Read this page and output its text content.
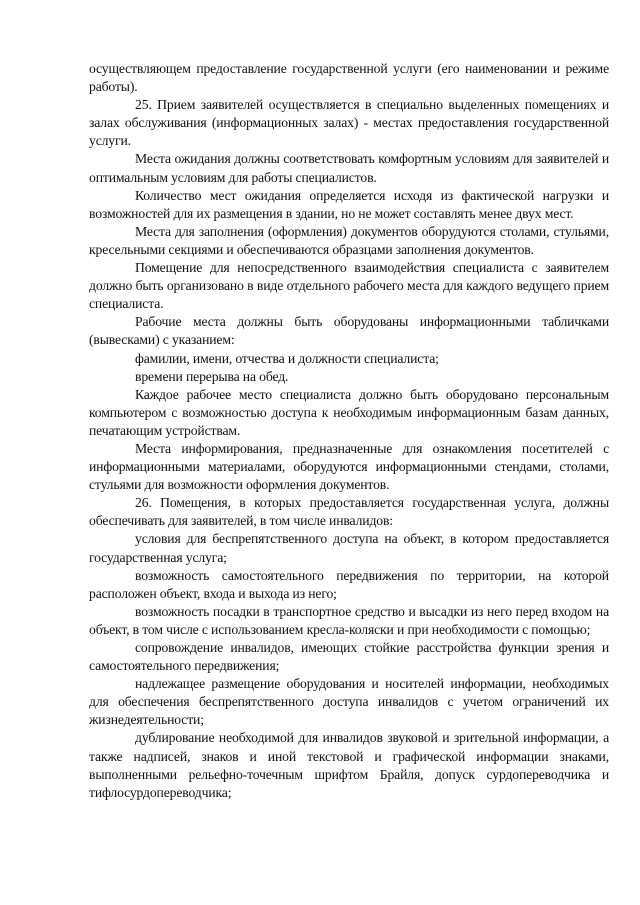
осуществляющем предоставление государственной услуги (его наименовании и режиме работы).

25. Прием заявителей осуществляется в специально выделенных помещениях и залах обслуживания (информационных залах) - местах предоставления государственной услуги.

Места ожидания должны соответствовать комфортным условиям для заявителей и оптимальным условиям для работы специалистов.

Количество мест ожидания определяется исходя из фактической нагрузки и возможностей для их размещения в здании, но не может составлять менее двух мест.

Места для заполнения (оформления) документов оборудуются столами, стульями, кресельными секциями и обеспечиваются образцами заполнения документов.

Помещение для непосредственного взаимодействия специалиста с заявителем должно быть организовано в виде отдельного рабочего места для каждого ведущего прием специалиста.

Рабочие места должны быть оборудованы информационными табличками (вывесками) с указанием:

фамилии, имени, отчества и должности специалиста;

времени перерыва на обед.

Каждое рабочее место специалиста должно быть оборудовано персональным компьютером с возможностью доступа к необходимым информационным базам данных, печатающим устройствам.

Места информирования, предназначенные для ознакомления посетителей с информационными материалами, оборудуются информационными стендами, столами, стульями для возможности оформления документов.

26. Помещения, в которых предоставляется государственная услуга, должны обеспечивать для заявителей, в том числе инвалидов:

условия для беспрепятственного доступа на объект, в котором предоставляется государственная услуга;

возможность самостоятельного передвижения по территории, на которой расположен объект, входа и выхода из него;

возможность посадки в транспортное средство и высадки из него перед входом на объект, в том числе с использованием кресла-коляски и при необходимости с помощью;

сопровождение инвалидов, имеющих стойкие расстройства функции зрения и самостоятельного передвижения;

надлежащее размещение оборудования и носителей информации, необходимых для обеспечения беспрепятственного доступа инвалидов с учетом ограничений их жизнедеятельности;

дублирование необходимой для инвалидов звуковой и зрительной информации, а также надписей, знаков и иной текстовой и графической информации знаками, выполненными рельефно-точечным шрифтом Брайля, допуск сурдопереводчика и тифлосурдопереводчика;
